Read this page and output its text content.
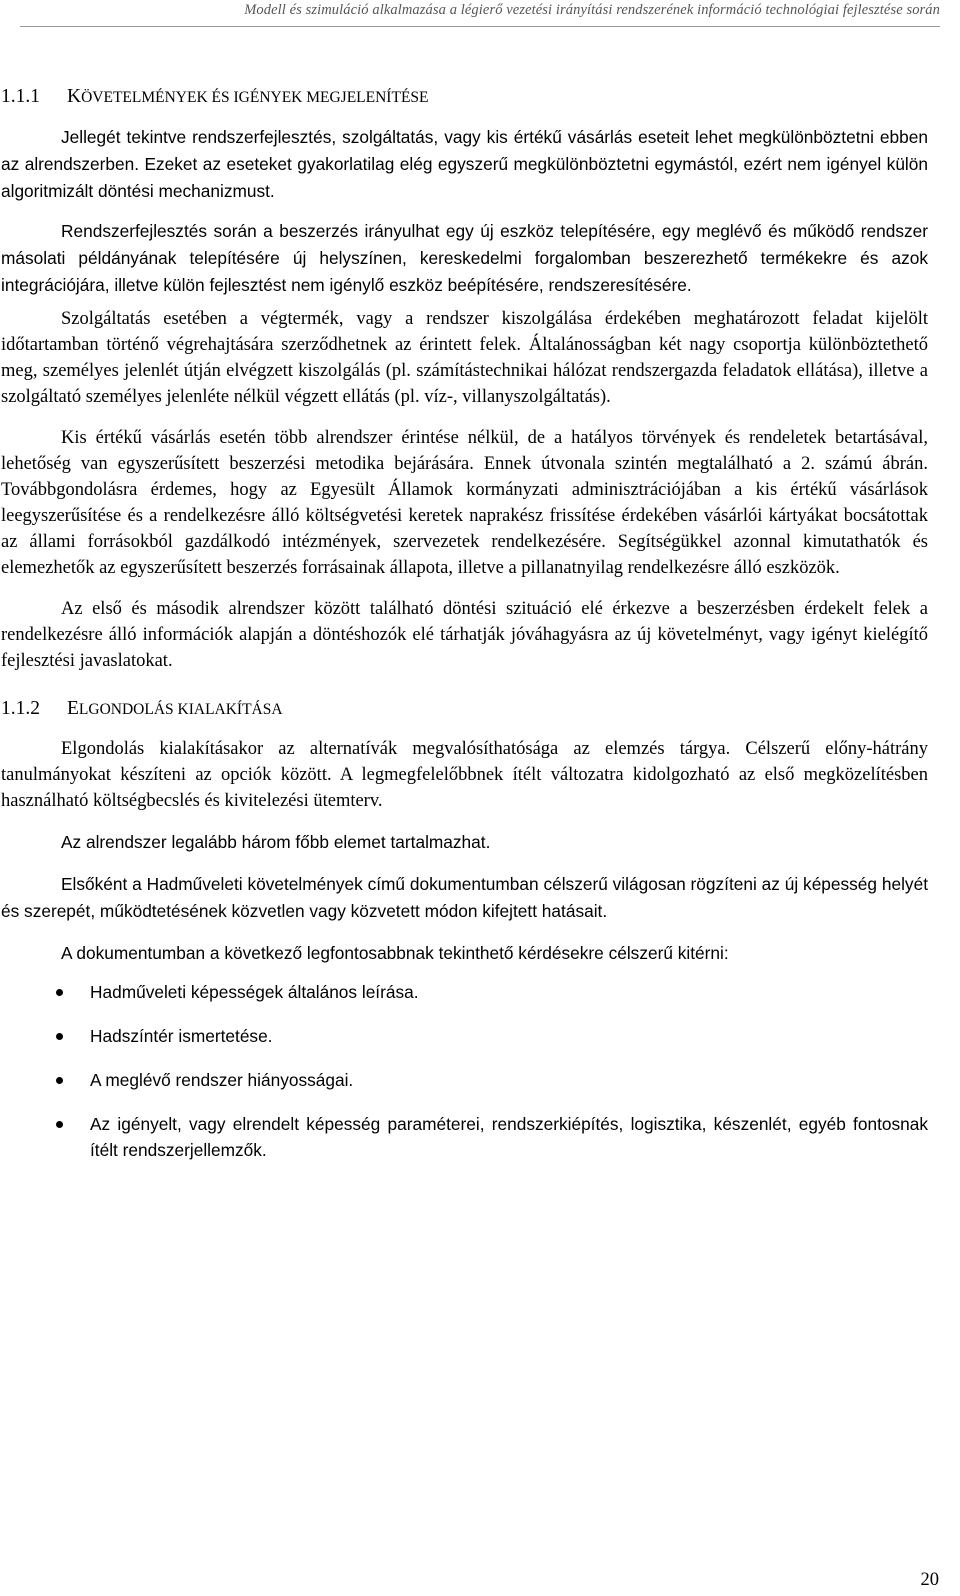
Modell és szimuláció alkalmazása a légierő vezetési irányítási rendszerének információ technológiai fejlesztése során
1.1.1 KÖVETELMÉNYEK ÉS IGÉNYEK MEGJELENÍTÉSE

Jellegét tekintve rendszerfejlesztés, szolgáltatás, vagy kis értékű vásárlás eseteit lehet megkülönböztetni ebben az alrendszerben. Ezeket az eseteket gyakorlatilag elég egyszerű megkülönböztetni egymástól, ezért nem igényel külön algoritmizált döntési mechanizmust.

Rendszerfejlesztés során a beszerzés irányulhat egy új eszköz telepítésére, egy meglévő és működő rendszer másolati példányának telepítésére új helyszínen, kereskedelmi forgalomban beszerezhető termékekre és azok integrációjára, illetve külön fejlesztést nem igénylő eszköz beépítésére, rendszeresítésére.

Szolgáltatás esetében a végtermék, vagy a rendszer kiszolgálása érdekében meghatározott feladat kijelölt időtartamban történő végrehajtására szerződhetnek az érintett felek. Általánosságban két nagy csoportja különböztethető meg, személyes jelenlét útján elvégzett kiszolgálás (pl. számítástechnikai hálózat rendszergazda feladatok ellátása), illetve a szolgáltató személyes jelenléte nélkül végzett ellátás (pl. víz-, villanyszolgáltatás).

Kis értékű vásárlás esetén több alrendszer érintése nélkül, de a hatályos törvények és rendeletek betartásával, lehetőség van egyszerűsített beszerzési metodika bejárására. Ennek útvonala szintén megtalálható a 2. számú ábrán. Továbbgondolásra érdemes, hogy az Egyesült Államok kormányzati adminisztrációjában a kis értékű vásárlások leegyszerűsítése és a rendelkezésre álló költségvetési keretek naprakész frissítése érdekében vásárlói kártyákat bocsátottak az állami forrásokból gazdálkodó intézmények, szervezetek rendelkezésére. Segítségükkel azonnal kimutathatók és elemezhetők az egyszerűsített beszerzés forrásainak állapota, illetve a pillanatnyilag rendelkezésre álló eszközök.

Az első és második alrendszer között található döntési szituáció elé érkezve a beszerzésben érdekelt felek a rendelkezésre álló információk alapján a döntéshozók elé tárhatják jóváhagyásra az új követelményt, vagy igényt kielégítő fejlesztési javaslatokat.

1.1.2 ELGONDOLÁS KIALAKÍTÁSA

Elgondolás kialakításakor az alternatívák megvalósíthatósága az elemzés tárgya. Célszerű előny-hátrány tanulmányokat készíteni az opciók között. A legmegfelelőbbnek ítélt változatra kidolgozható az első megközelítésben használható költségbecslés és kivitelezési ütemterv.

Az alrendszer legalább három főbb elemet tartalmazhat.

Elsőként a Hadműveleti követelmények című dokumentumban célszerű világosan rögzíteni az új képesség helyét és szerepét, működtetésének közvetlen vagy közvetett módon kifejtett hatásait.

A dokumentumban a következő legfontosabbnak tekinthető kérdésekre célszerű kitérni:

Hadműveleti képességek általános leírása.
Hadszíntér ismertetése.
A meglévő rendszer hiányosságai.
Az igényelt, vagy elrendelt képesség paraméterei, rendszerkiépítés, logisztika, készenlét, egyéb fontosnak ítélt rendszerjellemzők.
20
